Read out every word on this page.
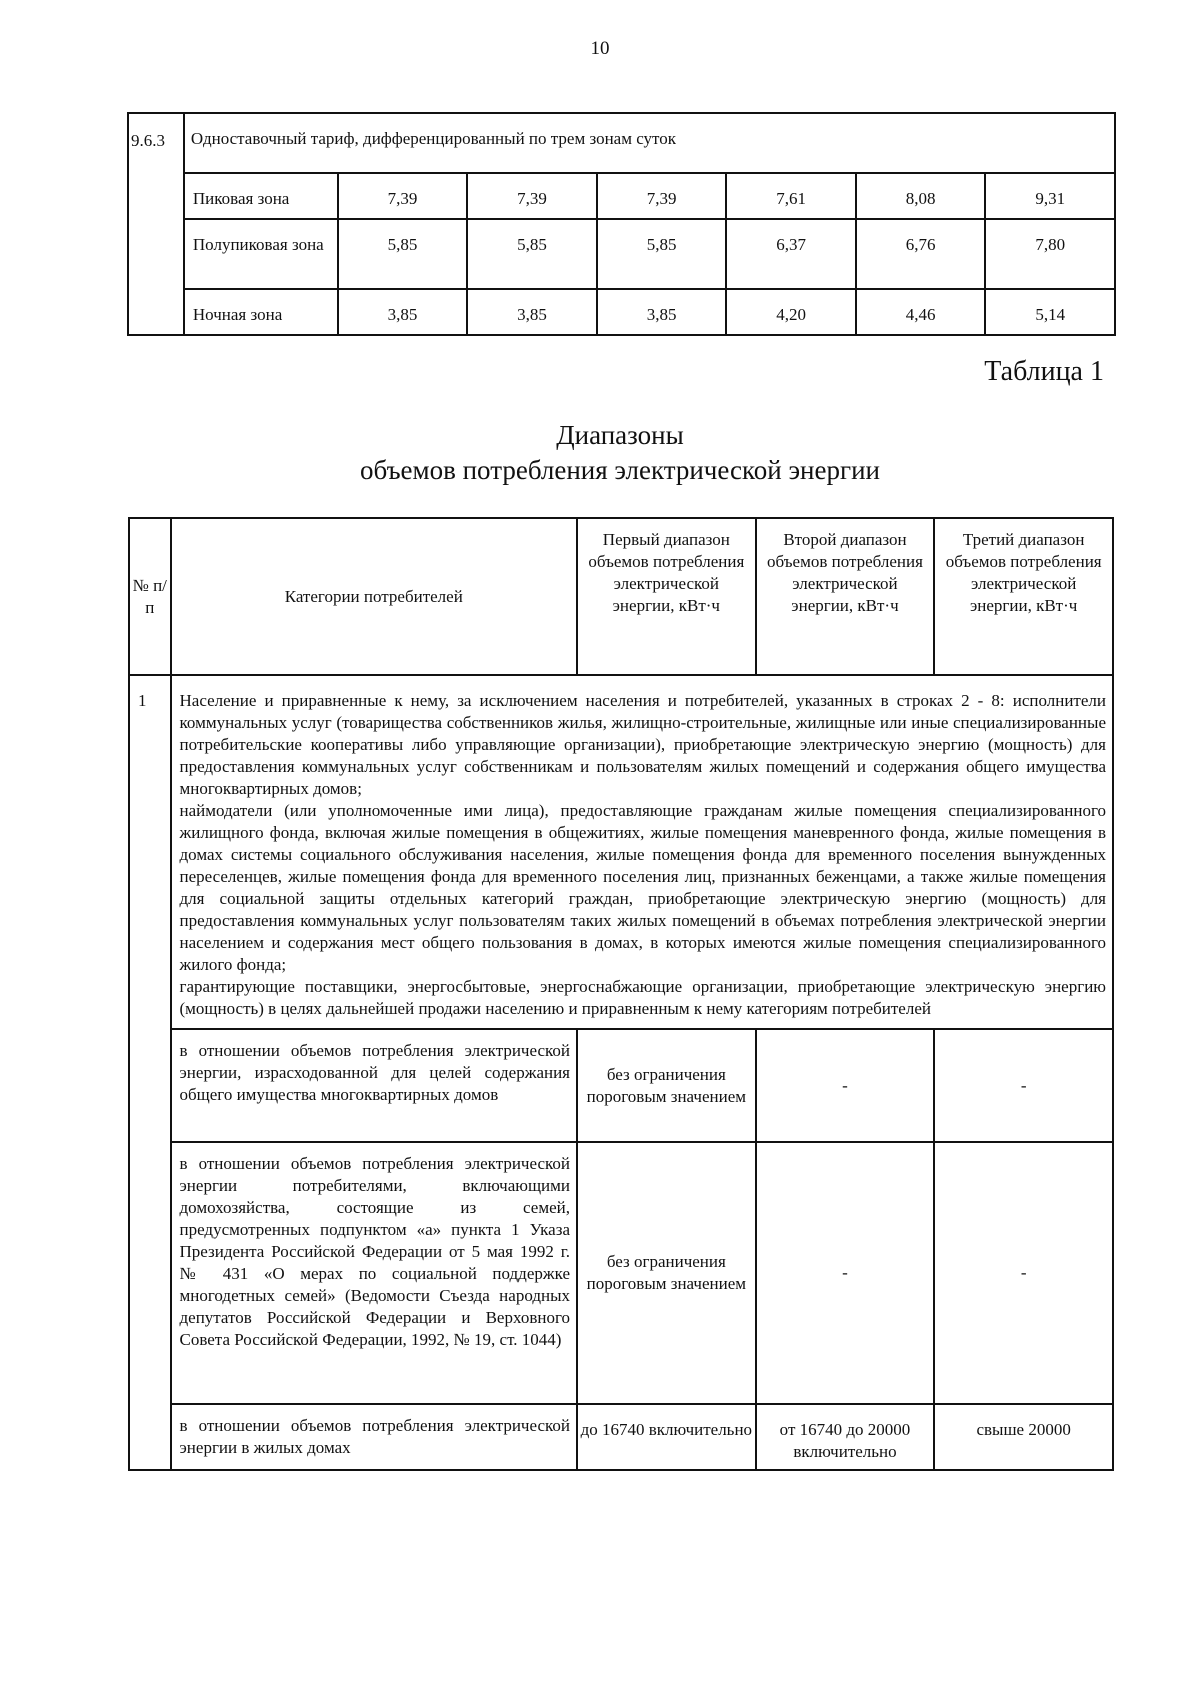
10
9.6.3	Одноставочный тариф, дифференцированный по трем зонам суток						
	Пиковая зона	7,39	7,39	7,39	7,61	8,08	9,31
	Полупиковая зона	5,85	5,85	5,85	6,37	6,76	7,80
	Ночная зона	3,85	3,85	3,85	4,20	4,46	5,14
Таблица 1
Диапазоны
объемов потребления электрической энергии
№ п/п	Категории потребителей	Первый диапазон объемов потребления электрической энергии, кВт·ч	Второй диапазон объемов потребления электрической энергии, кВт·ч	Третий диапазон объемов потребления электрической энергии, кВт·ч
1	Население и приравненные к нему, за исключением населения и потребителей, указанных в строках 2 - 8: исполнители коммунальных услуг (товарищества собственников жилья, жилищно-строительные, жилищные или иные специализированные потребительские кооперативы либо управляющие организации), приобретающие электрическую энергию (мощность) для предоставления коммунальных услуг собственникам и пользователям жилых помещений и содержания общего имущества многоквартирных домов;
наймодатели (или уполномоченные ими лица), предоставляющие гражданам жилые помещения специализированного жилищного фонда, включая жилые помещения в общежитиях, жилые помещения маневренного фонда, жилые помещения в домах системы социального обслуживания населения, жилые помещения фонда для временного поселения вынужденных переселенцев, жилые помещения фонда для временного поселения лиц, признанных беженцами, а также жилые помещения для социальной защиты отдельных категорий граждан, приобретающие электрическую энергию (мощность) для предоставления коммунальных услуг пользователям таких жилых помещений в объемах потребления электрической энергии населением и содержания мест общего пользования в домах, в которых имеются жилые помещения специализированного жилого фонда;
гарантирующие поставщики, энергосбытовые, энергоснабжающие организации, приобретающие электрическую энергию (мощность) в целях дальнейшей продажи населению и приравненным к нему категориям потребителей			

	в отношении объемов потребления электрической энергии, израсходованной для целей содержания общего имущества многоквартирных домов	без ограничения пороговым значением	-	-
	в отношении объемов потребления электрической энергии потребителями, включающими домохозяйства, состоящие из семей, предусмотренных подпунктом «а» пункта 1 Указа Президента Российской Федерации от 5 мая 1992 г. № 431 «О мерах по социальной поддержке многодетных семей» (Ведомости Съезда народных депутатов Российской Федерации и Верховного Совета Российской Федерации, 1992, № 19, ст. 1044)	без ограничения пороговым значением	-	-
	в отношении объемов потребления электрической энергии в жилых домах	до 16740 включительно	от 16740 до 20000 включительно	свыше 20000
